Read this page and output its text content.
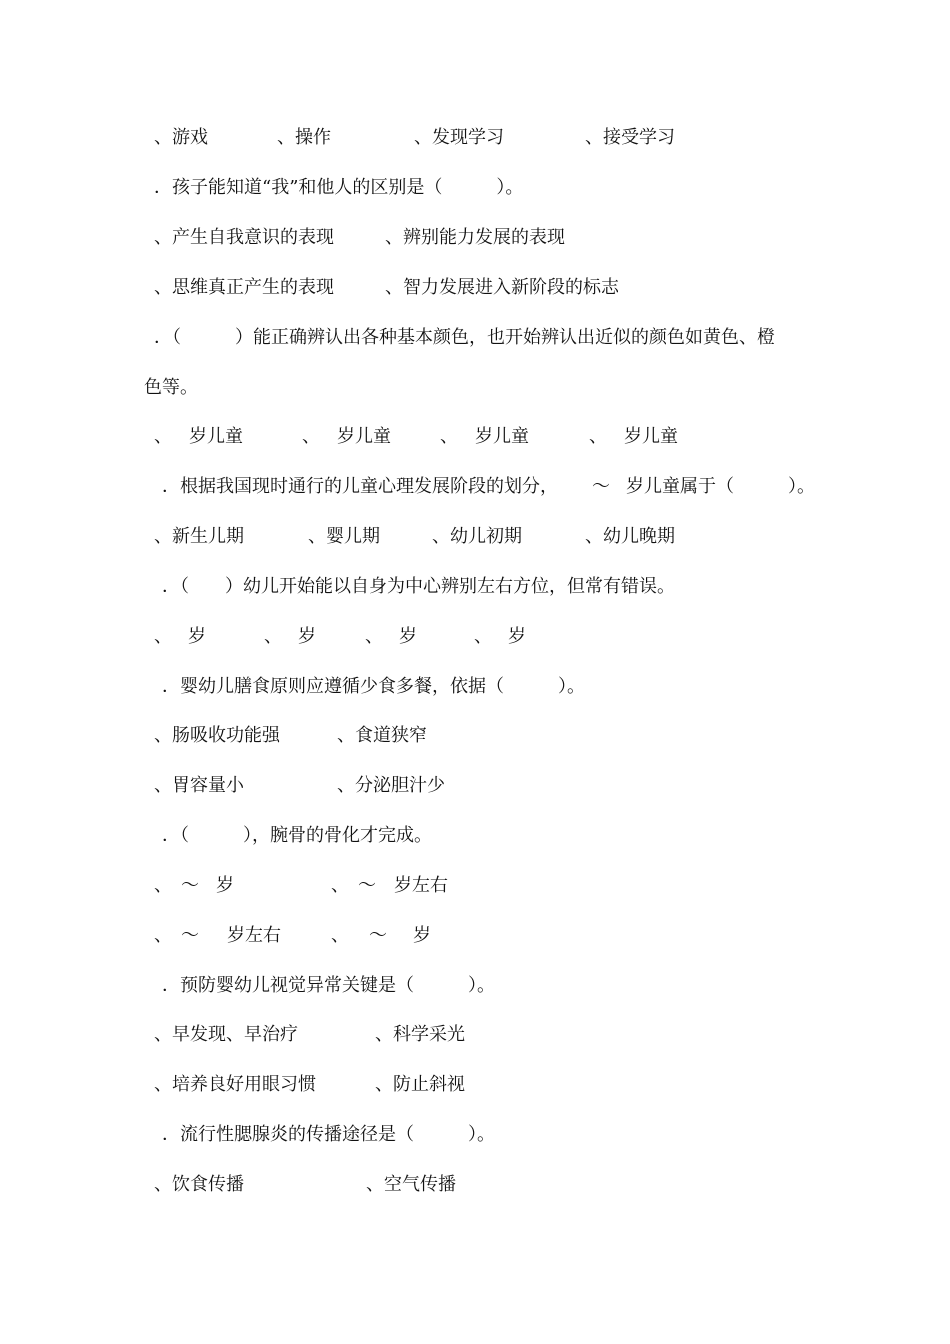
、游戏	、操作	、发现学习	、接受学习
．孩子能知道“我”和他人的区别是（　　　）。
、产生自我意识的表现	、辨别能力发展的表现
、思维真正产生的表现	、智力发展进入新阶段的标志
．（　　　）能正确辨认出各种基本颜色，也开始辨认出近似的颜色如黄色、橙
色等。
、 岁儿童	、 岁儿童	、 岁儿童	、 岁儿童
．根据我国现时通行的儿童心理发展阶段的划分， ～ 岁儿童属于（　　　）。
、新生儿期	、婴儿期	、幼儿初期	、幼儿晚期
．（　　）幼儿开始能以自身为中心辨别左右方位，但常有错误。
、 岁	、 岁	、 岁	、 岁
．婴幼儿膳食原则应遵循少食多餐，依据（　　　）。
、肠吸收功能强	、食道狭窄
、胃容量小	、分泌胆汁少
．（　　　），腕骨的骨化才完成。
、 ～ 岁	、 ～ 岁左右
、 ～ 岁左右	、 ～ 岁
．预防婴幼儿视觉异常关键是（　　　）。
、早发现、早治疗	、科学采光
、培养良好用眼习惯	、防止斜视
．流行性腮腺炎的传播途径是（　　　）。
、饮食传播	、空气传播
